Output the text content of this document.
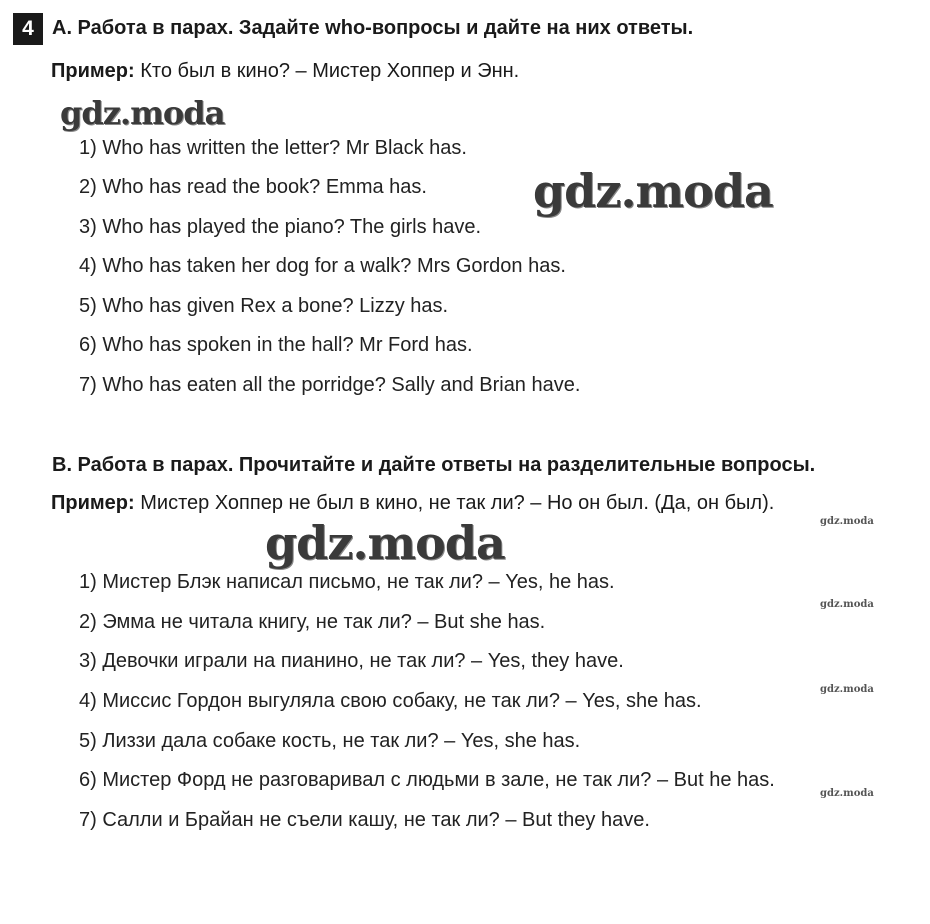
4 A. Работа в парах. Задайте who-вопросы и дайте на них ответы.
Пример: Кто был в кино? – Мистер Хоппер и Энн.
gdz.moda
1) Who has written the letter? Mr Black has.
2) Who has read the book? Emma has.
3) Who has played the piano? The girls have.
4) Who has taken her dog for a walk? Mrs Gordon has.
5) Who has given Rex a bone? Lizzy has.
6) Who has spoken in the hall? Mr Ford has.
7) Who has eaten all the porridge? Sally and Brian have.
gdz.moda
B. Работа в парах. Прочитайте и дайте ответы на разделительные вопросы.
Пример: Мистер Хоппер не был в кино, не так ли? – Но он был. (Да, он был).
gdz.moda
gdz.moda
1) Мистер Блэк написал письмо, не так ли? – Yes, he has.
2) Эмма не читала книгу, не так ли? – But she has.
3) Девочки играли на пианино, не так ли? – Yes, they have.
4) Миссис Гордон выгуляла свою собаку, не так ли? – Yes, she has.
5) Лиззи дала собаке кость, не так ли? – Yes, she has.
6) Мистер Форд не разговаривал с людьми в зале, не так ли? – But he has.
7) Салли и Брайан не съели кашу, не так ли? – But they have.
gdz.moda
gdz.moda
gdz.moda
